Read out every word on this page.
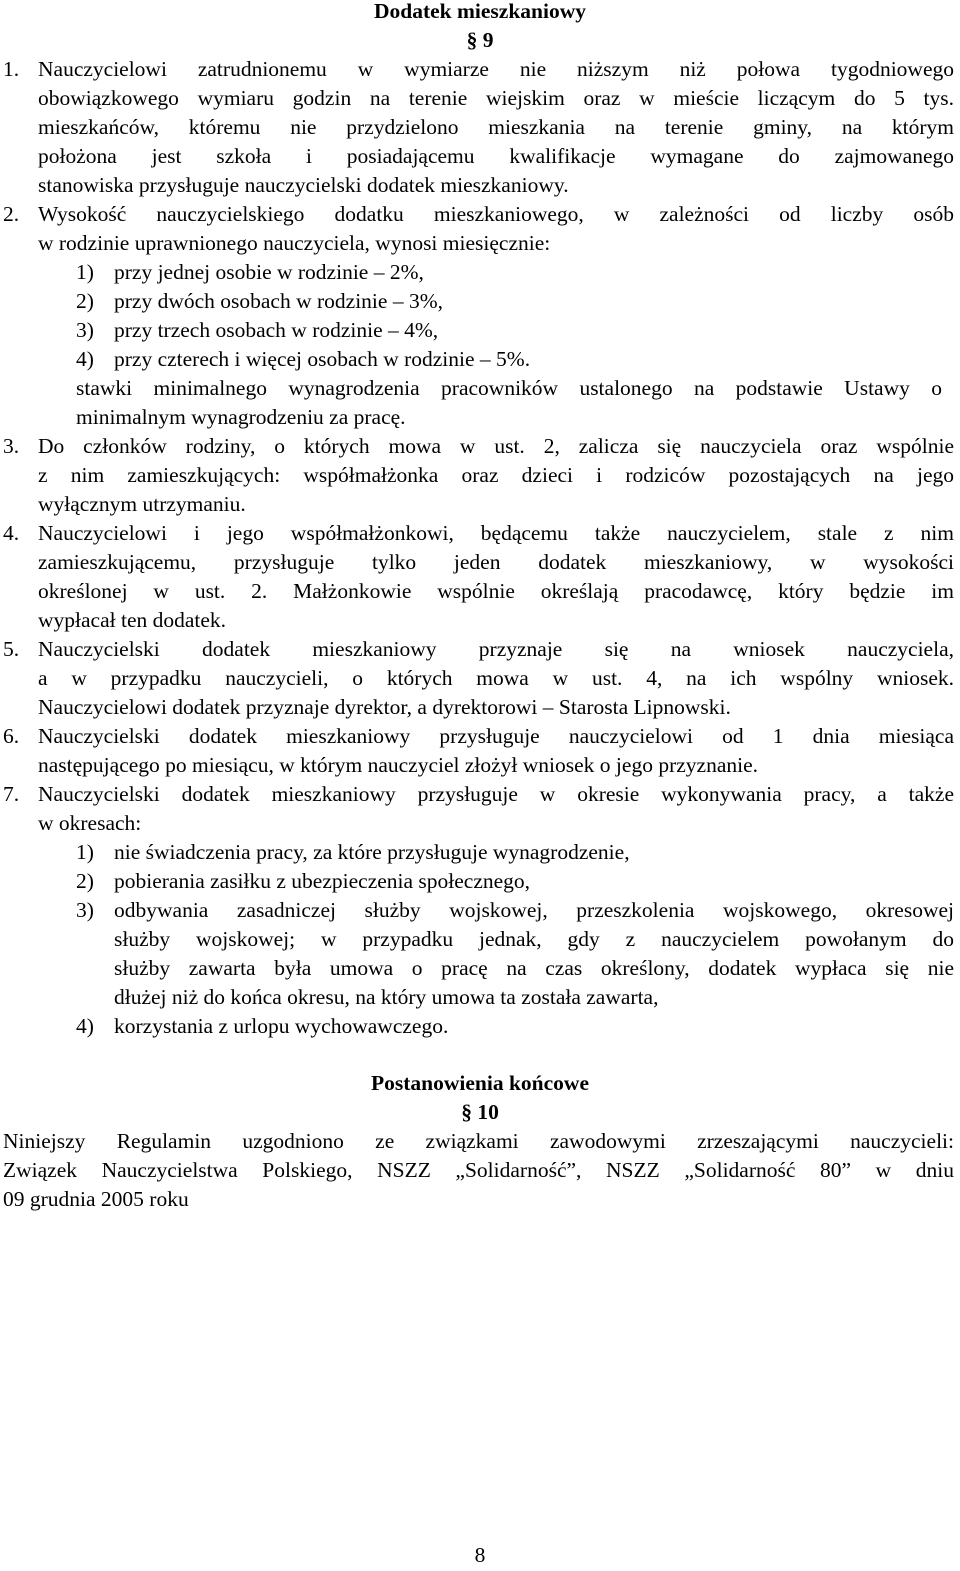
Dodatek mieszkaniowy
§ 9
1. Nauczycielowi zatrudnionemu w wymiarze nie niższym niż połowa tygodniowego
obowiązkowego wymiaru godzin na terenie wiejskim oraz w mieście liczącym do 5 tys.
mieszkańców, któremu nie przydzielono mieszkania na terenie gminy, na którym
położona jest szkoła i posiadającemu kwalifikacje wymagane do zajmowanego
stanowiska przysługuje nauczycielski dodatek mieszkaniowy.
2. Wysokość nauczycielskiego dodatku mieszkaniowego, w zależności od liczby osób
w rodzinie uprawnionego nauczyciela, wynosi miesięcznie:
1) przy jednej osobie w rodzinie – 2%,
2) przy dwóch osobach w rodzinie – 3%,
3) przy trzech osobach w rodzinie – 4%,
4) przy czterech i więcej osobach w rodzinie – 5%.
stawki minimalnego wynagrodzenia pracowników ustalonego na podstawie Ustawy o
minimalnym wynagrodzeniu za pracę.
3. Do członków rodziny, o których mowa w ust. 2, zalicza się nauczyciela oraz wspólnie
z nim zamieszkujących: współmałżonka oraz dzieci i rodziców pozostających na jego
wyłącznym utrzymaniu.
4. Nauczycielowi i jego współmałżonkowi, będącemu także nauczycielem, stale z nim
zamieszkującemu, przysługuje tylko jeden dodatek mieszkaniowy, w wysokości
określonej w ust. 2. Małżonkowie wspólnie określają pracodawcę, który będzie im
wypłacał ten dodatek.
5. Nauczycielski dodatek mieszkaniowy przyznaje się na wniosek nauczyciela,
a w przypadku nauczycieli, o których mowa w ust. 4, na ich wspólny wniosek.
Nauczycielowi dodatek przyznaje dyrektor, a dyrektorowi – Starosta Lipnowski.
6. Nauczycielski dodatek mieszkaniowy przysługuje nauczycielowi od 1 dnia miesiąca
następującego po miesiącu, w którym nauczyciel złożył wniosek o jego przyznanie.
7. Nauczycielski dodatek mieszkaniowy przysługuje w okresie wykonywania pracy, a także
w okresach:
1) nie świadczenia pracy, za które przysługuje wynagrodzenie,
2) pobierania zasiłku z ubezpieczenia społecznego,
3) odbywania zasadniczej służby wojskowej, przeszkolenia wojskowego, okresowej
służby wojskowej; w przypadku jednak, gdy z nauczycielem powołanym do
służby zawarta była umowa o pracę na czas określony, dodatek wypłaca się nie
dłużej niż do końca okresu, na który umowa ta została zawarta,
4) korzystania z urlopu wychowawczego.
Postanowienia końcowe
§ 10
Niniejszy Regulamin uzgodniono ze związkami zawodowymi zrzeszającymi nauczycieli:
Związek Nauczycielstwa Polskiego, NSZZ „Solidarność”, NSZZ „Solidarność 80” w dniu
09 grudnia 2005 roku
8
